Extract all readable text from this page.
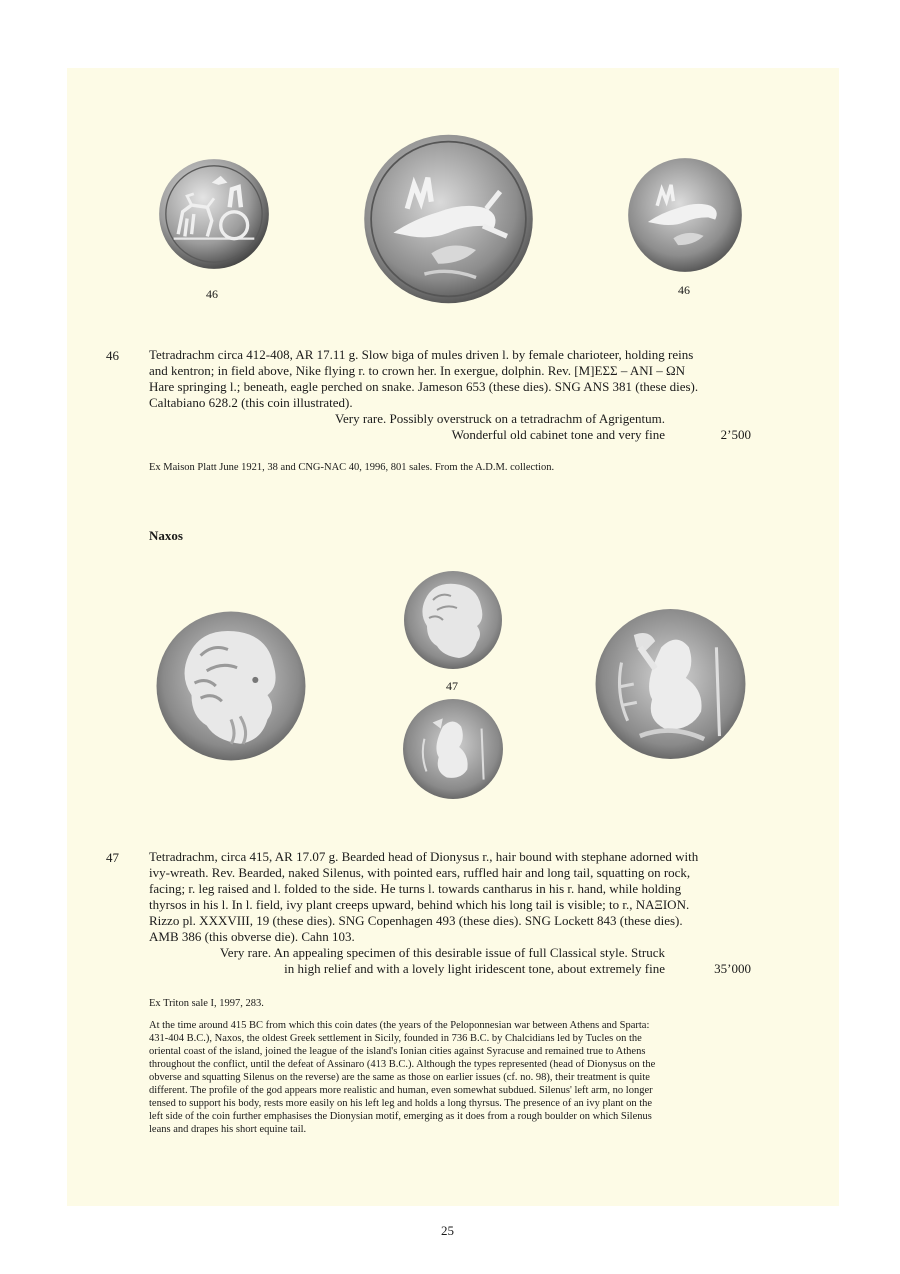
46	46
46 Tetradrachm circa 412-408, AR 17.11 g. Slow biga of mules driven l. by female charioteer, holding reins
and kentron; in field above, Nike flying r. to crown her. In exergue, dolphin. Rev. [M]ΕΣΣ – ΑΝΙ – ΩΝ
Hare springing l.; beneath, eagle perched on snake. Jameson 653 (these dies). SNG ANS 381 (these dies).
Caltabiano 628.2 (this coin illustrated).
Very rare. Possibly overstruck on a tetradrachm of Agrigentum.
Wonderful old cabinet tone and very fine	2’500
Ex Maison Platt June 1921, 38 and CNG-NAC 40, 1996, 801 sales. From the A.D.M. collection.
Naxos
47
47 Tetradrachm, circa 415, AR 17.07 g. Bearded head of Dionysus r., hair bound with stephane adorned with
ivy-wreath. Rev. Bearded, naked Silenus, with pointed ears, ruffled hair and long tail, squatting on rock,
facing; r. leg raised and l. folded to the side. He turns l. towards cantharus in his r. hand, while holding
thyrsos in his l. In l. field, ivy plant creeps upward, behind which his long tail is visible; to r., ΝΑΞΙΟΝ.
Rizzo pl. XXXVIII, 19 (these dies). SNG Copenhagen 493 (these dies). SNG Lockett 843 (these dies).
AMB 386 (this obverse die). Cahn 103.
Very rare. An appealing specimen of this desirable issue of full Classical style. Struck
in high relief and with a lovely light iridescent tone, about extremely fine	35’000
Ex Triton sale I, 1997, 283.
At the time around 415 BC from which this coin dates (the years of the Peloponnesian war between Athens and Sparta:
431-404 B.C.), Naxos, the oldest Greek settlement in Sicily, founded in 736 B.C. by Chalcidians led by Tucles on the
oriental coast of the island, joined the league of the island's Ionian cities against Syracuse and remained true to Athens
throughout the conflict, until the defeat of Assinaro (413 B.C.). Although the types represented (head of Dionysus on the
obverse and squatting Silenus on the reverse) are the same as those on earlier issues (cf. no. 98), their treatment is quite
different. The profile of the god appears more realistic and human, even somewhat subdued. Silenus' left arm, no longer
tensed to support his body, rests more easily on his left leg and holds a long thyrsus. The presence of an ivy plant on the
left side of the coin further emphasises the Dionysian motif, emerging as it does from a rough boulder on which Silenus
leans and drapes his short equine tail.
25
